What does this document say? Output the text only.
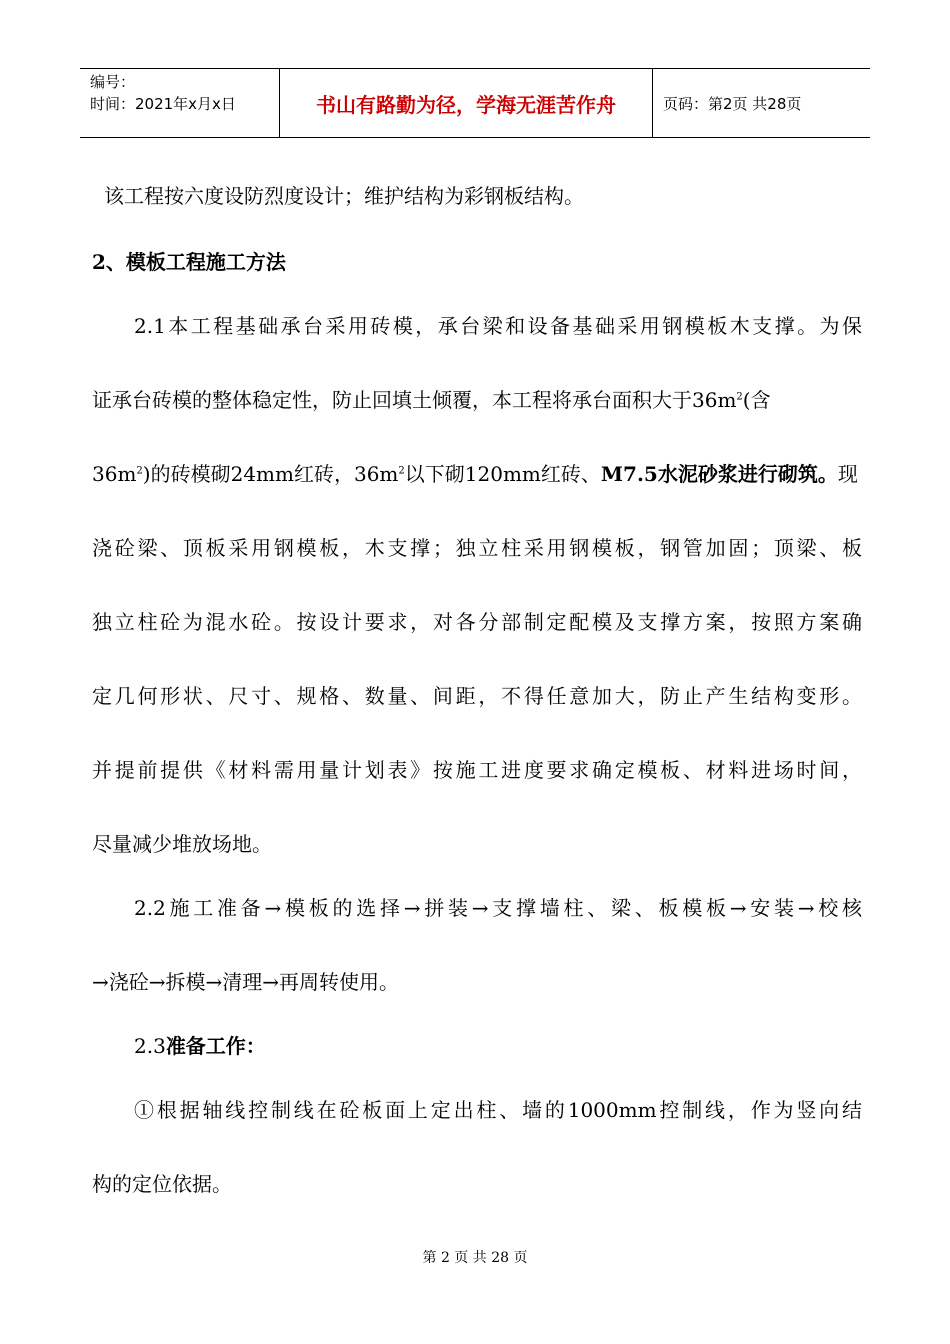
编号：
时间：2021年x月x日	书山有路勤为径，学海无涯苦作舟	页码：第2页 共28页
该工程按六度设防烈度设计；维护结构为彩钢板结构。
2、模板工程施工方法
2.1本工程基础承台采用砖模，承台梁和设备基础采用钢模板木支撑。为保
证承台砖模的整体稳定性，防止回填土倾覆，本工程将承台面积大于$36m^2$(含
$36m^2$)的砖模砌24mm红砖，$36m^2$以下砌120mm红砖、M7.5水泥砂浆进行砌筑。现
浇砼梁、顶板采用钢模板，木支撑；独立柱采用钢模板，钢管加固；顶梁、板
独立柱砼为混水砼。按设计要求，对各分部制定配模及支撑方案，按照方案确
定几何形状、尺寸、规格、数量、间距，不得任意加大，防止产生结构变形。
并提前提供《材料需用量计划表》按施工进度要求确定模板、材料进场时间，
尽量减少堆放场地。
2.2施工准备→模板的选择→拼装→支撑墙柱、梁、板模板→安装→校核
→浇砼→拆模→清理→再周转使用。
2.3准备工作：
①根据轴线控制线在砼板面上定出柱、墙的1000mm控制线，作为竖向结
构的定位依据。
第 2 页 共 28 页
